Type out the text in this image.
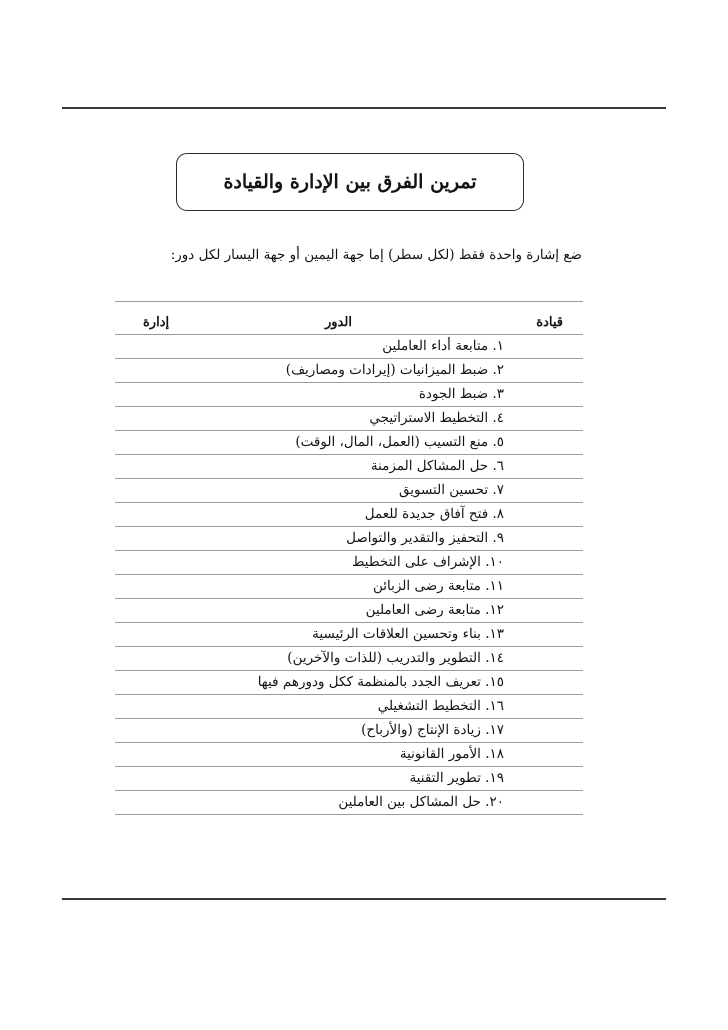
تمرين الفرق بين الإدارة والقيادة
ضع إشارة واحدة فقط (لكل سطر) إما جهة اليمين أو جهة اليسار لكل دور:
قيادة
الدور
إدارة
١. متابعة أداء العاملين
٢. ضبط الميزانيات (إيرادات ومصاريف)
٣. ضبط الجودة
٤. التخطيط الاستراتيجي
٥. منع التسيب (العمل، المال، الوقت)
٦. حل المشاكل المزمنة
٧. تحسين التسويق
٨. فتح آفاق جديدة للعمل
٩. التحفيز والتقدير والتواصل
١٠. الإشراف على التخطيط
١١. متابعة رضى الزبائن
١٢. متابعة رضى العاملين
١٣. بناء وتحسين العلاقات الرئيسية
١٤. التطوير والتدريب (للذات والآخرين)
١٥. تعريف الجدد بالمنظمة ككل ودورهم فيها
١٦. التخطيط التشغيلي
١٧. زيادة الإنتاج (والأرباح)
١٨. الأمور القانونية
١٩. تطوير التقنية
٢٠. حل المشاكل بين العاملين
